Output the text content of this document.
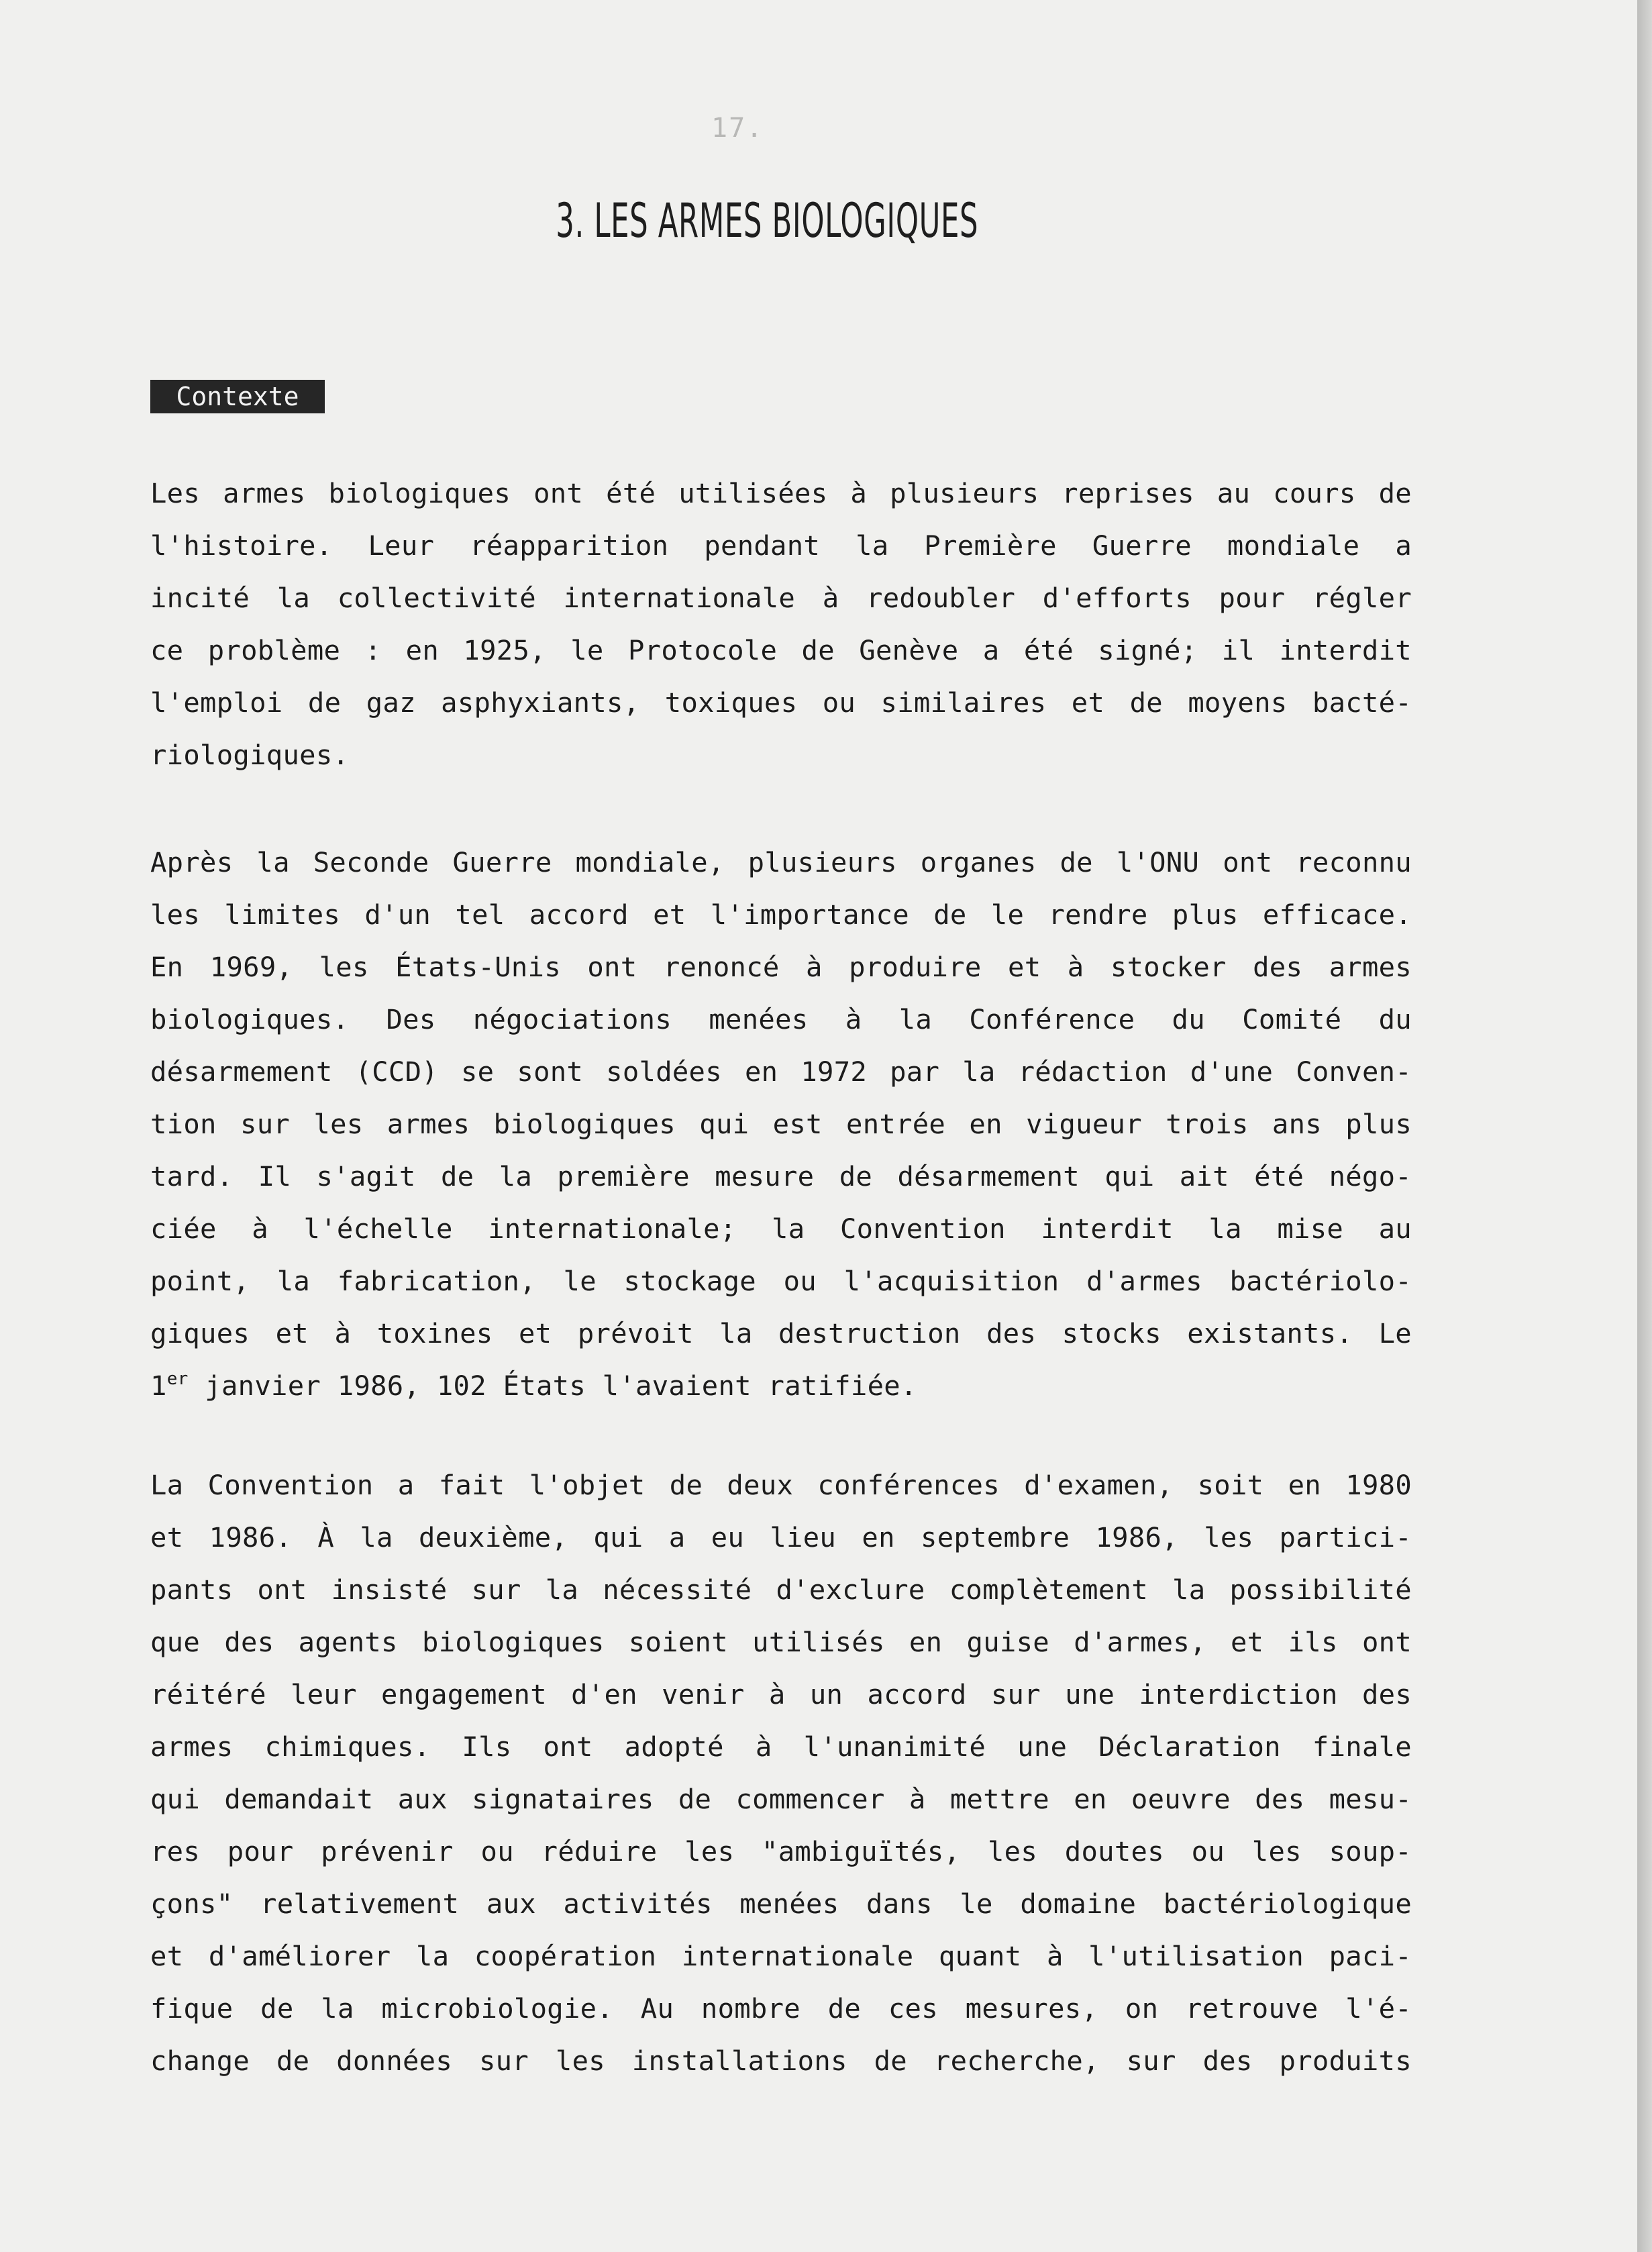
17.
3. LES ARMES BIOLOGIQUES
Contexte
Les armes biologiques ont été utilisées à plusieurs reprises au cours de
l'histoire. Leur réapparition pendant la Première Guerre mondiale a
incité la collectivité internationale à redoubler d'efforts pour régler
ce problème : en 1925, le Protocole de Genève a été signé; il interdit
l'emploi de gaz asphyxiants, toxiques ou similaires et de moyens bacté-
riologiques.
Après la Seconde Guerre mondiale, plusieurs organes de l'ONU ont reconnu
les limites d'un tel accord et l'importance de le rendre plus efficace.
En 1969, les États-Unis ont renoncé à produire et à stocker des armes
biologiques. Des négociations menées à la Conférence du Comité du
désarmement (CCD) se sont soldées en 1972 par la rédaction d'une Conven-
tion sur les armes biologiques qui est entrée en vigueur trois ans plus
tard. Il s'agit de la première mesure de désarmement qui ait été négo-
ciée à l'échelle internationale; la Convention interdit la mise au
point, la fabrication, le stockage ou l'acquisition d'armes bactériolo-
giques et à toxines et prévoit la destruction des stocks existants. Le
1er janvier 1986, 102 États l'avaient ratifiée.
La Convention a fait l'objet de deux conférences d'examen, soit en 1980
et 1986. À la deuxième, qui a eu lieu en septembre 1986, les partici-
pants ont insisté sur la nécessité d'exclure complètement la possibilité
que des agents biologiques soient utilisés en guise d'armes, et ils ont
réitéré leur engagement d'en venir à un accord sur une interdiction des
armes chimiques. Ils ont adopté à l'unanimité une Déclaration finale
qui demandait aux signataires de commencer à mettre en oeuvre des mesu-
res pour prévenir ou réduire les "ambiguïtés, les doutes ou les soup-
çons" relativement aux activités menées dans le domaine bactériologique
et d'améliorer la coopération internationale quant à l'utilisation paci-
fique de la microbiologie. Au nombre de ces mesures, on retrouve l'é-
change de données sur les installations de recherche, sur des produits
